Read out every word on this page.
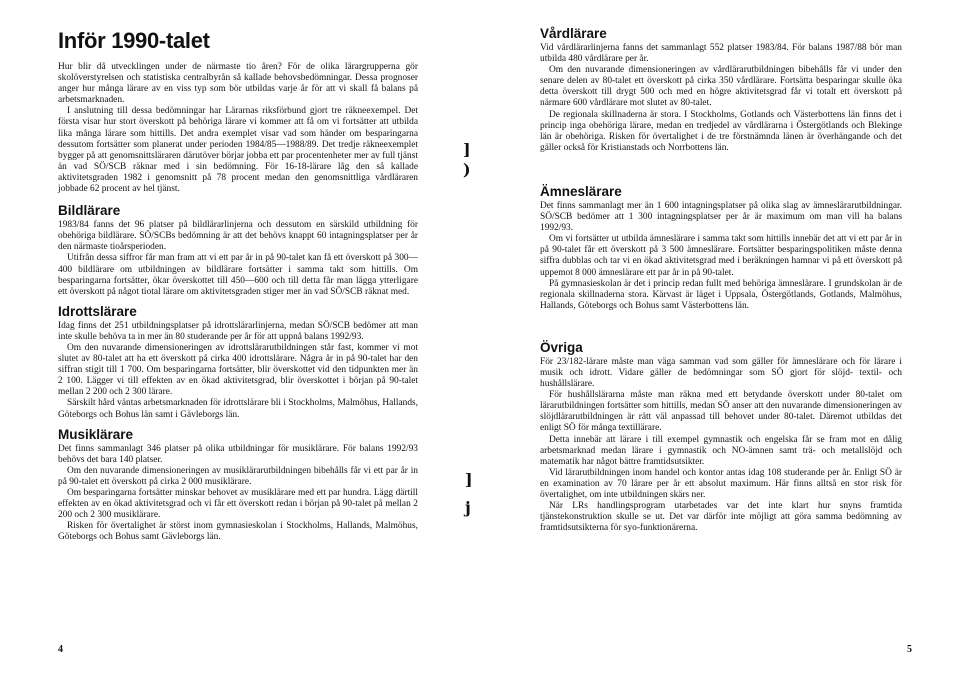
Inför 1990-talet

Hur blir då utvecklingen under de närmaste tio åren? För de olika lärargrupperna gör skolöverstyrelsen och statistiska centralbyrån så kallade behovsbedömningar. Dessa prognoser anger hur många lärare av en viss typ som bör utbildas varje år för att vi skall få balans på arbetsmarknaden.

I anslutning till dessa bedömningar har Lärarnas riksförbund gjort tre räkneexempel. Det första visar hur stort överskott på behöriga lärare vi kommer att få om vi fortsätter att utbilda lika många lärare som hittills. Det andra exemplet visar vad som händer om besparingarna dessutom fortsätter som planerat under perioden 1984/85—1988/89. Det tredje räkneexemplet bygger på att genomsnittsläraren därutöver börjar jobba ett par procentenheter mer av full tjänst än vad SÖ/SCB räknar med i sin bedömning. För 16-18-lärare låg den så kallade aktivitetsgraden 1982 i genomsnitt på 78 procent medan den genomsnittliga vårdläraren jobbade 62 procent av hel tjänst.

Bildlärare

1983/84 fanns det 96 platser på bildlärarlinjerna och dessutom en särskild utbildning för obehöriga bildlärare. SÖ/SCBs bedömning är att det behövs knappt 60 intagningsplatser per år den närmaste tioårsperioden.

Utifrån dessa siffror får man fram att vi ett par år in på 90-talet kan få ett överskott på 300—400 bildlärare om utbildningen av bildlärare fortsätter i samma takt som hittills. Om besparingarna fortsätter, ökar överskottet till 450—600 och till detta får man lägga ytterligare ett överskott på något tiotal lärare om aktivitetsgraden stiger mer än vad SÖ/SCB räknat med.

Idrottslärare

Idag finns det 251 utbildningsplatser på idrottslärarlinjerna, medan SÖ/SCB bedömer att man inte skulle behöva ta in mer än 80 studerande per år för att uppnå balans 1992/93.

Om den nuvarande dimensioneringen av idrottslärarutbildningen står fast, kommer vi mot slutet av 80-talet att ha ett överskott på cirka 400 idrottslärare. Några år in på 90-talet har den siffran stigit till 1 700. Om besparingarna fortsätter, blir överskottet vid den tidpunkten mer än 2 100. Lägger vi till effekten av en ökad aktivitetsgrad, blir överskottet i början på 90-talet mellan 2 200 och 2 300 lärare.

Särskilt hård väntas arbetsmarknaden för idrottslärare bli i Stockholms, Malmöhus, Hallands, Göteborgs och Bohus län samt i Gävleborgs län.

Musiklärare

Det finns sammanlagt 346 platser på olika utbildningar för musiklärare. För balans 1992/93 behövs det bara 140 platser.

Om den nuvarande dimensioneringen av musiklärarutbildningen bibehålls får vi ett par år in på 90-talet ett överskott på cirka 2 000 musiklärare.

Om besparingarna fortsätter minskar behovet av musiklärare med ett par hundra. Lägg därtill effekten av en ökad aktivitetsgrad och vi får ett överskott redan i början på 90-talet på mellan 2 200 och 2 300 musiklärare.

Risken för övertalighet är störst inom gymnasieskolan i Stockholms, Hallands, Malmöhus, Göteborgs och Bohus samt Gävleborgs län.

4
]
)
]
j
Vårdlärare

Vid vårdlärarlinjerna fanns det sammanlagt 552 platser 1983/84. För balans 1987/88 bör man utbilda 480 vårdlärare per år.

Om den nuvarande dimensioneringen av vårdlärarutbildningen bibehålls får vi under den senare delen av 80-talet ett överskott på cirka 350 vårdlärare. Fortsätta besparingar skulle öka detta överskott till drygt 500 och med en högre aktivitetsgrad får vi totalt ett överskott på närmare 600 vårdlärare mot slutet av 80-talet.

De regionala skillnaderna är stora. I Stockholms, Gotlands och Västerbottens län finns det i princip inga obehöriga lärare, medan en tredjedel av vårdlärarna i Östergötlands och Blekinge län är obehöriga. Risken för övertalighet i de tre förstnämnda länen är överhängande och det gäller också för Kristianstads och Norrbottens län.

Ämneslärare

Det finns sammanlagt mer än 1 600 intagningsplatser på olika slag av ämneslärarutbildningar. SÖ/SCB bedömer att 1 300 intagningsplatser per år är maximum om man vill ha balans 1992/93.

Om vi fortsätter ut utbilda ämneslärare i samma takt som hittills innebär det att vi ett par år in på 90-talet får ett överskott på 3 500 ämneslärare. Fortsätter besparingspolitiken måste denna siffra dubblas och tar vi en ökad aktivitetsgrad med i beräkningen hamnar vi på ett överskott på uppemot 8 000 ämneslärare ett par år in på 90-talet.

På gymnasieskolan är det i princip redan fullt med behöriga ämneslärare. I grundskolan är de regionala skillnaderna stora. Kärvast är läget i Uppsala, Östergötlands, Gotlands, Malmöhus, Hallands, Göteborgs och Bohus samt Västerbottens län.

Övriga

För 23/182-lärare måste man väga samman vad som gäller för ämneslärare och för lärare i musik och idrott. Vidare gäller de bedömningar som SÖ gjort för slöjd- textil- och hushållslärare.

För hushållslärarna måste man räkna med ett betydande överskott under 80-talet om lärarutbildningen fortsätter som hittills, medan SÖ anser att den nuvarande dimensioneringen av slöjdlärarutbildningen är rätt väl anpassad till behovet under 80-talet. Däremot utbildas det enligt SÖ för många textillärare.

Detta innebär att lärare i till exempel gymnastik och engelska får se fram mot en dålig arbetsmarknad medan lärare i gymnastik och NO-ämnen samt trä- och metallslöjd och matematik har något bättre framtidsutsikter.

Vid lärarutbildningen inom handel och kontor antas idag 108 studerande per år. Enligt SÖ är en examination av 70 lärare per år ett absolut maximum. Här finns alltså en stor risk för övertalighet, om inte utbildningen skärs ner.

När LRs handlingsprogram utarbetades var det inte klart hur snyns framtida tjänstekonstruktion skulle se ut. Det var därför inte möjligt att göra samma bedömning av framtidsutsikterna för syo-funktionärerna.

5
